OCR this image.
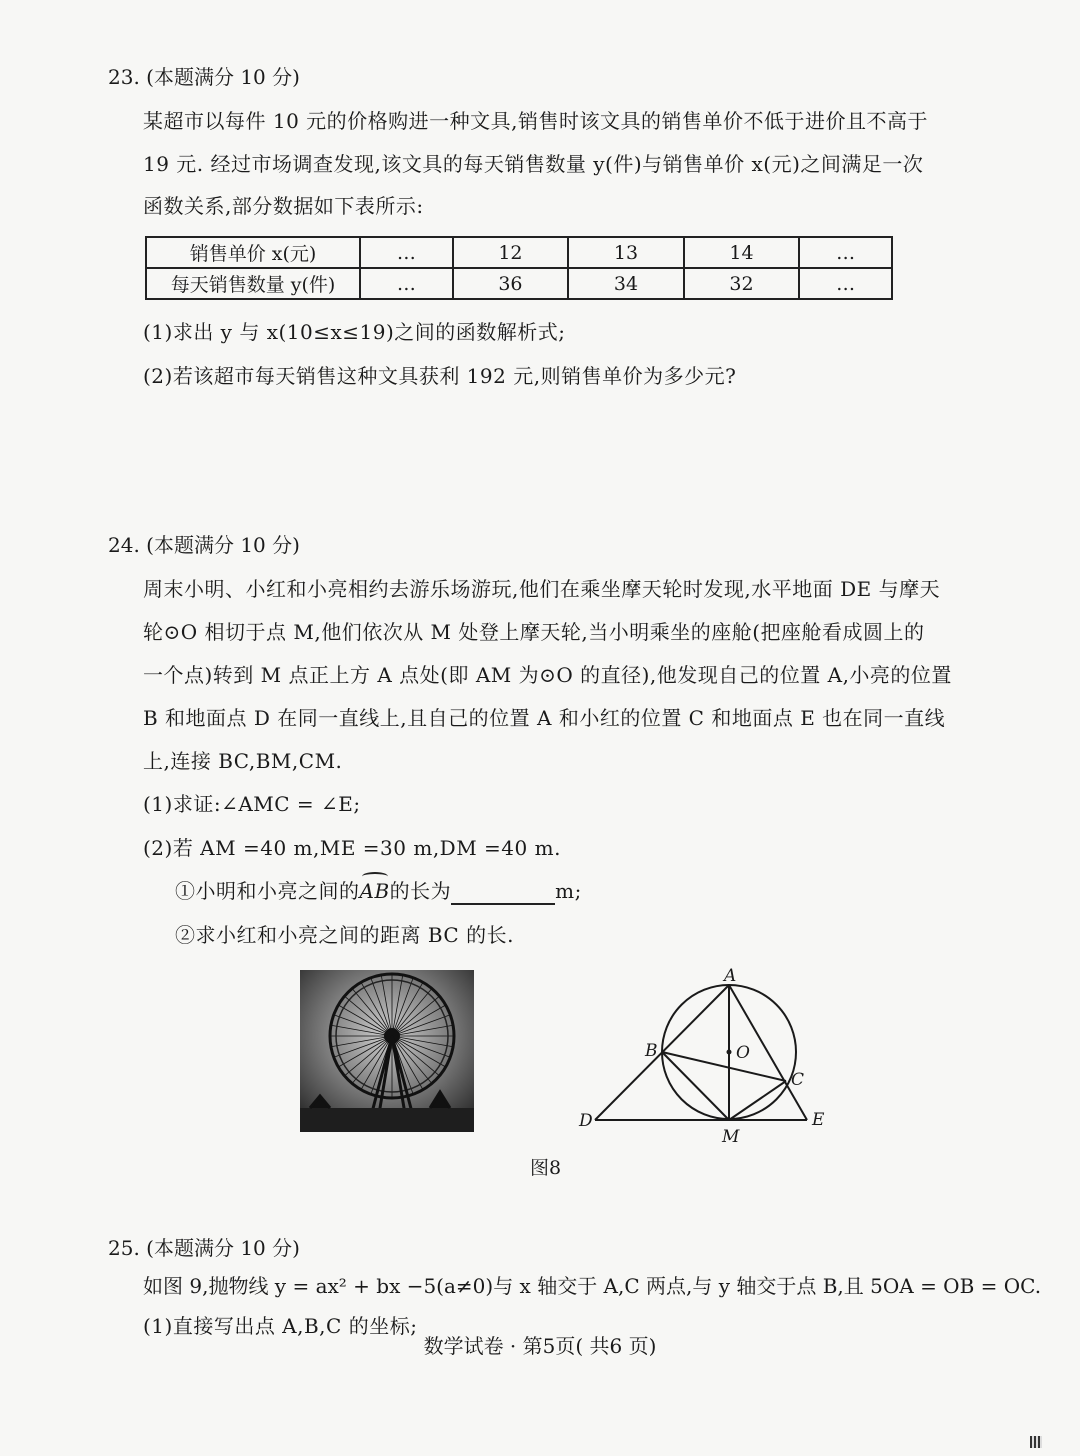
23. (本题满分 10 分)
某超市以每件 10 元的价格购进一种文具,销售时该文具的销售单价不低于进价且不高于
19 元. 经过市场调查发现,该文具的每天销售数量 y(件)与销售单价 x(元)之间满足一次
函数关系,部分数据如下表所示:
销售单价 x(元)	…	12	13	14	…
每天销售数量 y(件)	…	36	34	32	…
(1)求出 y 与 x(10≤x≤19)之间的函数解析式;
(2)若该超市每天销售这种文具获利 192 元,则销售单价为多少元?
24. (本题满分 10 分)
周末小明、小红和小亮相约去游乐场游玩,他们在乘坐摩天轮时发现,水平地面 DE 与摩天
轮⊙O 相切于点 M,他们依次从 M 处登上摩天轮,当小明乘坐的座舱(把座舱看成圆上的
一个点)转到 M 点正上方 A 点处(即 AM 为⊙O 的直径),他发现自己的位置 A,小亮的位置
B 和地面点 D 在同一直线上,且自己的位置 A 和小红的位置 C 和地面点 E 也在同一直线
上,连接 BC,BM,CM.
(1)求证:∠AMC = ∠E;
(2)若 AM =40 m,ME =30 m,DM =40 m.
①小明和小亮之间的AB的长为	m;
②求小红和小亮之间的距离 BC 的长.
A
B	O
C
D	E
M
图8
25. (本题满分 10 分)
如图 9,抛物线 y = ax² + bx −5(a≠0)与 x 轴交于 A,C 两点,与 y 轴交于点 B,且 5OA = OB = OC.
(1)直接写出点 A,B,C 的坐标;
数学试卷 · 第5页( 共6 页)
